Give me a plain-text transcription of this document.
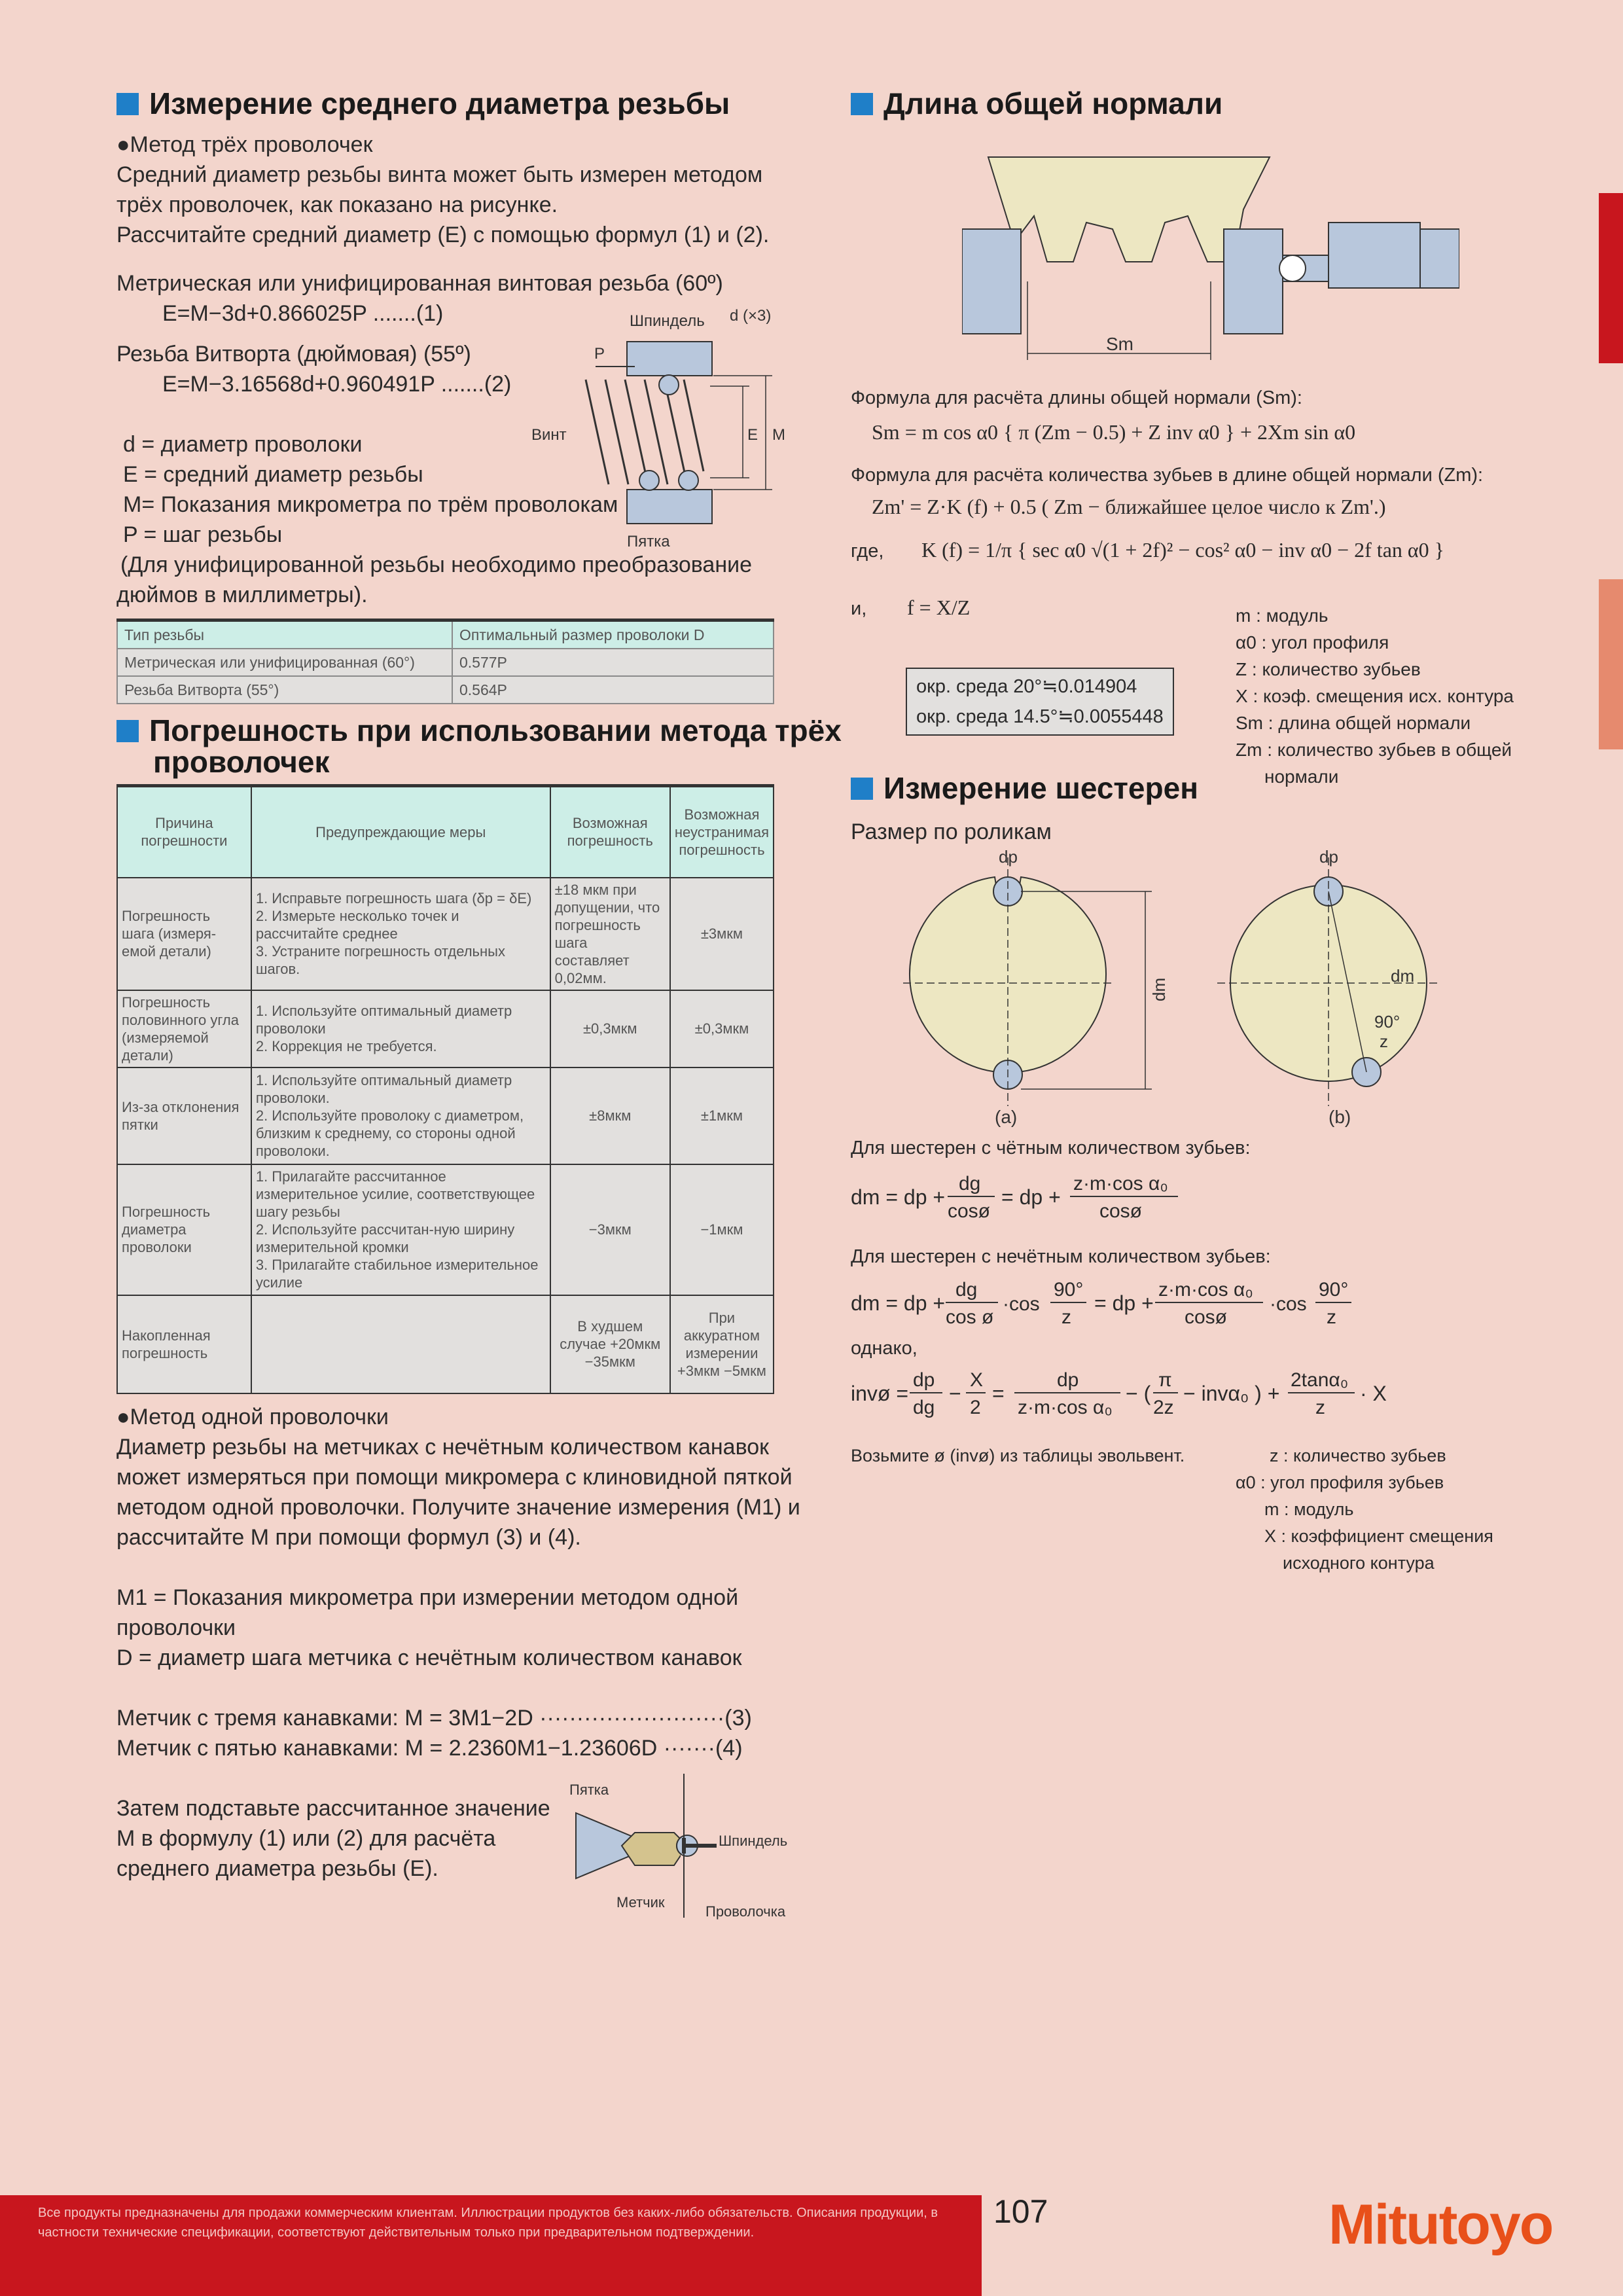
Измерение среднего диаметра резьбы
●Метод трёх проволочек
Средний диаметр резьбы винта может быть измерен методом
трёх проволочек, как показано на рисунке.
Рассчитайте средний диаметр (E) с помощью формул (1) и (2).
Метрическая или унифицированная винтовая резьба (60º)
E=M−3d+0.866025P .......(1)
Резьба Витворта (дюймовая) (55º)
E=M−3.16568d+0.960491P .......(2)
d = диаметр проволоки
E = средний диаметр резьбы
M= Показания микрометра по трём проволокам
P = шаг резьбы
(Для унифицированной резьбы необходимо преобразование
дюймов в миллиметры).
Шпиндель d (×3)
P
Винт	E M
Пятка
Тип резьбы	Оптимальный размер проволоки D
Метрическая или унифицированная (60°)	0.577P
Резьба Витворта (55°)	0.564P
Погрешность при использовании метода трёх
проволочек
Причина погрешности	Предупреждающие меры	Возможная погрешность	Возможная неустранимая погрешность
Погрешность шага (измеря-емой детали)	1. Исправьте погрешность шага (δp = δE)
2. Измерьте несколько точек и рассчитайте среднее
3. Устраните погрешность отдельных шагов.	±18 мкм при допущении, что погрешность шага составляет 0,02мм.	±3мкм
Погрешность половинного угла (измеряемой детали)	1. Используйте оптимальный диаметр проволоки
2. Коррекция не требуется.	±0,3мкм	±0,3мкм
Из-за отклонения пятки	1. Используйте оптимальный диаметр проволоки.
2. Используйте проволоку с диаметром, близким к среднему, со стороны одной проволоки.	±8мкм	±1мкм
Погрешность диаметра проволоки	1. Прилагайте рассчитанное измерительное усилие, соответствующее шагу резьбы
2. Используйте рассчитан-ную ширину измерительной кромки
3. Прилагайте стабильное измерительное усилие	−3мкм	−1мкм
Накопленная погрешность		В худшем случае +20мкм −35мкм	При аккуратном измерении +3мкм −5мкм
●Метод одной проволочки
Диаметр резьбы на метчиках с нечётным количеством канавок
может измеряться при помощи микромера с клиновидной пяткой
методом одной проволочки. Получите значение измерения (M1) и
рассчитайте M при помощи формул (3) и (4).
M1 = Показания микрометра при измерении методом одной
проволочки
D = диаметр шага метчика с нечётным количеством канавок
Метчик с тремя канавками: M = 3M1−2D ·························(3)
Метчик с пятью канавками: M = 2.2360M1−1.23606D ·······(4)
Затем подставьте рассчитанное значение
M в формулу (1) или (2) для расчёта
среднего диаметра резьбы (E).
Пятка
Шпиндель
Метчик
Проволочка
Длина общей нормали
Sm
Формула для расчёта длины общей нормали (Sm):
Sm = m cos α0 { π (Zm − 0.5) + Z inv α0 } + 2Xm sin α0
Формула для расчёта количества зубьев в длине общей нормали (Zm):
Zm' = Z·K (f) + 0.5 ( Zm − ближайшее целое число к Zm'.)
где, K (f) = 1/π { sec α0 √(1 + 2f)² − cos² α0 − inv α0 − 2f tan α0 }
и, f = X/Z
окр. среда 20°≒0.014904
окр. среда 14.5°≒0.0055448
m : модуль
α0 : угол профиля
Z : количество зубьев
X : коэф. смещения исх. контура
Sm : длина общей нормали
Zm : количество зубьев в общей
нормали
Измерение шестерен
Размер по роликам
dp
dm
(a)
dp
dm
90°
z
(b)
Для шестерен с чётным количеством зубьев:
dm = dp +
dg
cosø
= dp +
z·m·cos α₀
cosø
Для шестерен с нечётным количеством зубьев:
dm = dp +
dg
cos ø
·cos
90°
z
= dp +
z·m·cos α₀
cosø
·cos
90°
z
однако,
invø =
dp
dg
−
X
2
=
dp
z·m·cos α₀
− (
π
2z
− invα₀ ) +
2tanα₀
z
· X
Возьмите ø (invø) из таблицы эвольвент.	z : количество зубьев
α0 : угол профиля зубьев
m : модуль
X : коэффициент смещения
исходного контура
Все продукты предназначены для продажи коммерческим клиентам. Иллюстрации продуктов без каких-либо обязательств. Описания продукции, в частности технические спецификации, соответствуют действительным только при предварительном подтверждении.
107	Mitutoyo
